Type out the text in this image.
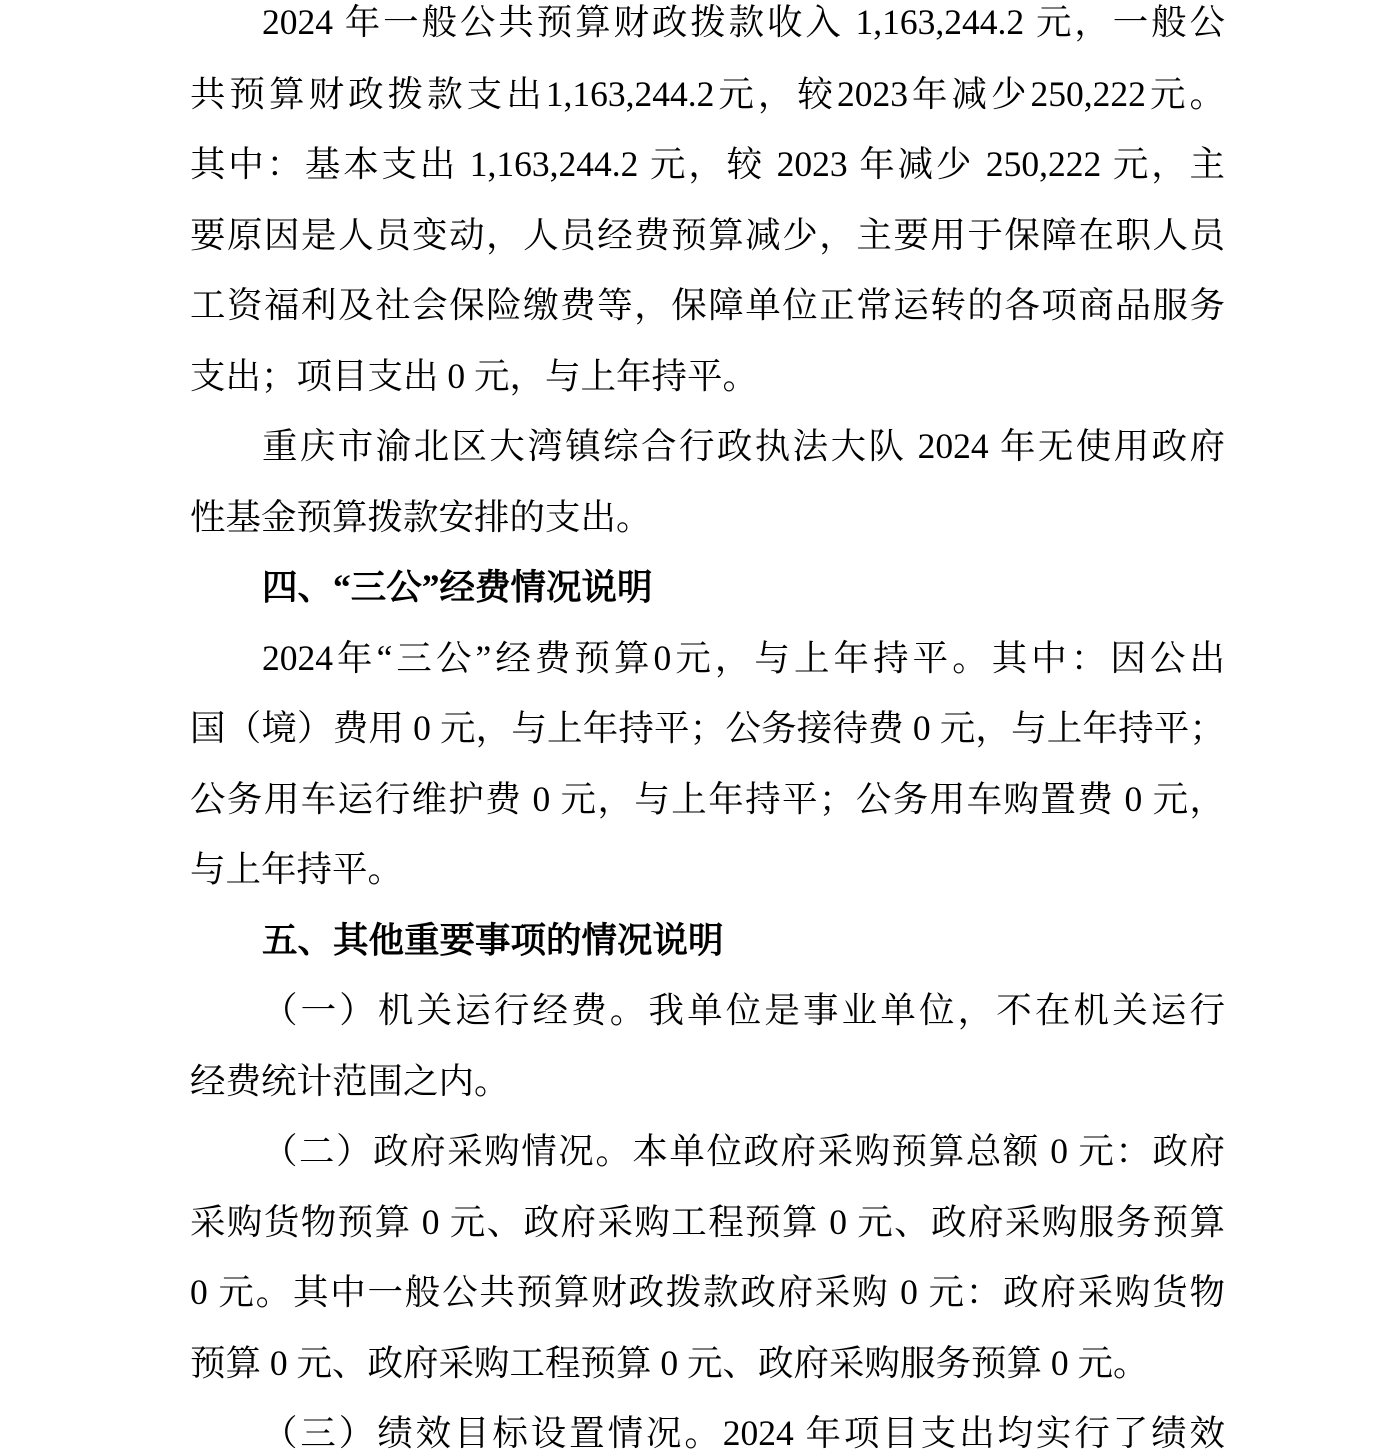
2024 年一般公共预算财政拨款收入 1,163,244.2 元，一般公
共预算财政拨款支出1,163,244.2元，较2023年减少250,222元。
其中：基本支出 1,163,244.2 元，较 2023 年减少 250,222 元，主
要原因是人员变动，人员经费预算减少，主要用于保障在职人员
工资福利及社会保险缴费等，保障单位正常运转的各项商品服务
支出；项目支出 0 元，与上年持平。
重庆市渝北区大湾镇综合行政执法大队 2024 年无使用政府
性基金预算拨款安排的支出。
四、“三公”经费情况说明
2024年“三公”经费预算0元，与上年持平。其中：因公出
国（境）费用 0 元，与上年持平；公务接待费 0 元，与上年持平；
公务用车运行维护费 0 元，与上年持平；公务用车购置费 0 元，
与上年持平。
五、其他重要事项的情况说明
（一）机关运行经费。我单位是事业单位，不在机关运行
经费统计范围之内。
（二）政府采购情况。本单位政府采购预算总额 0 元：政府
采购货物预算 0 元、政府采购工程预算 0 元、政府采购服务预算
0 元。其中一般公共预算财政拨款政府采购 0 元：政府采购货物
预算 0 元、政府采购工程预算 0 元、政府采购服务预算 0 元。
（三）绩效目标设置情况。2024 年项目支出均实行了绩效
